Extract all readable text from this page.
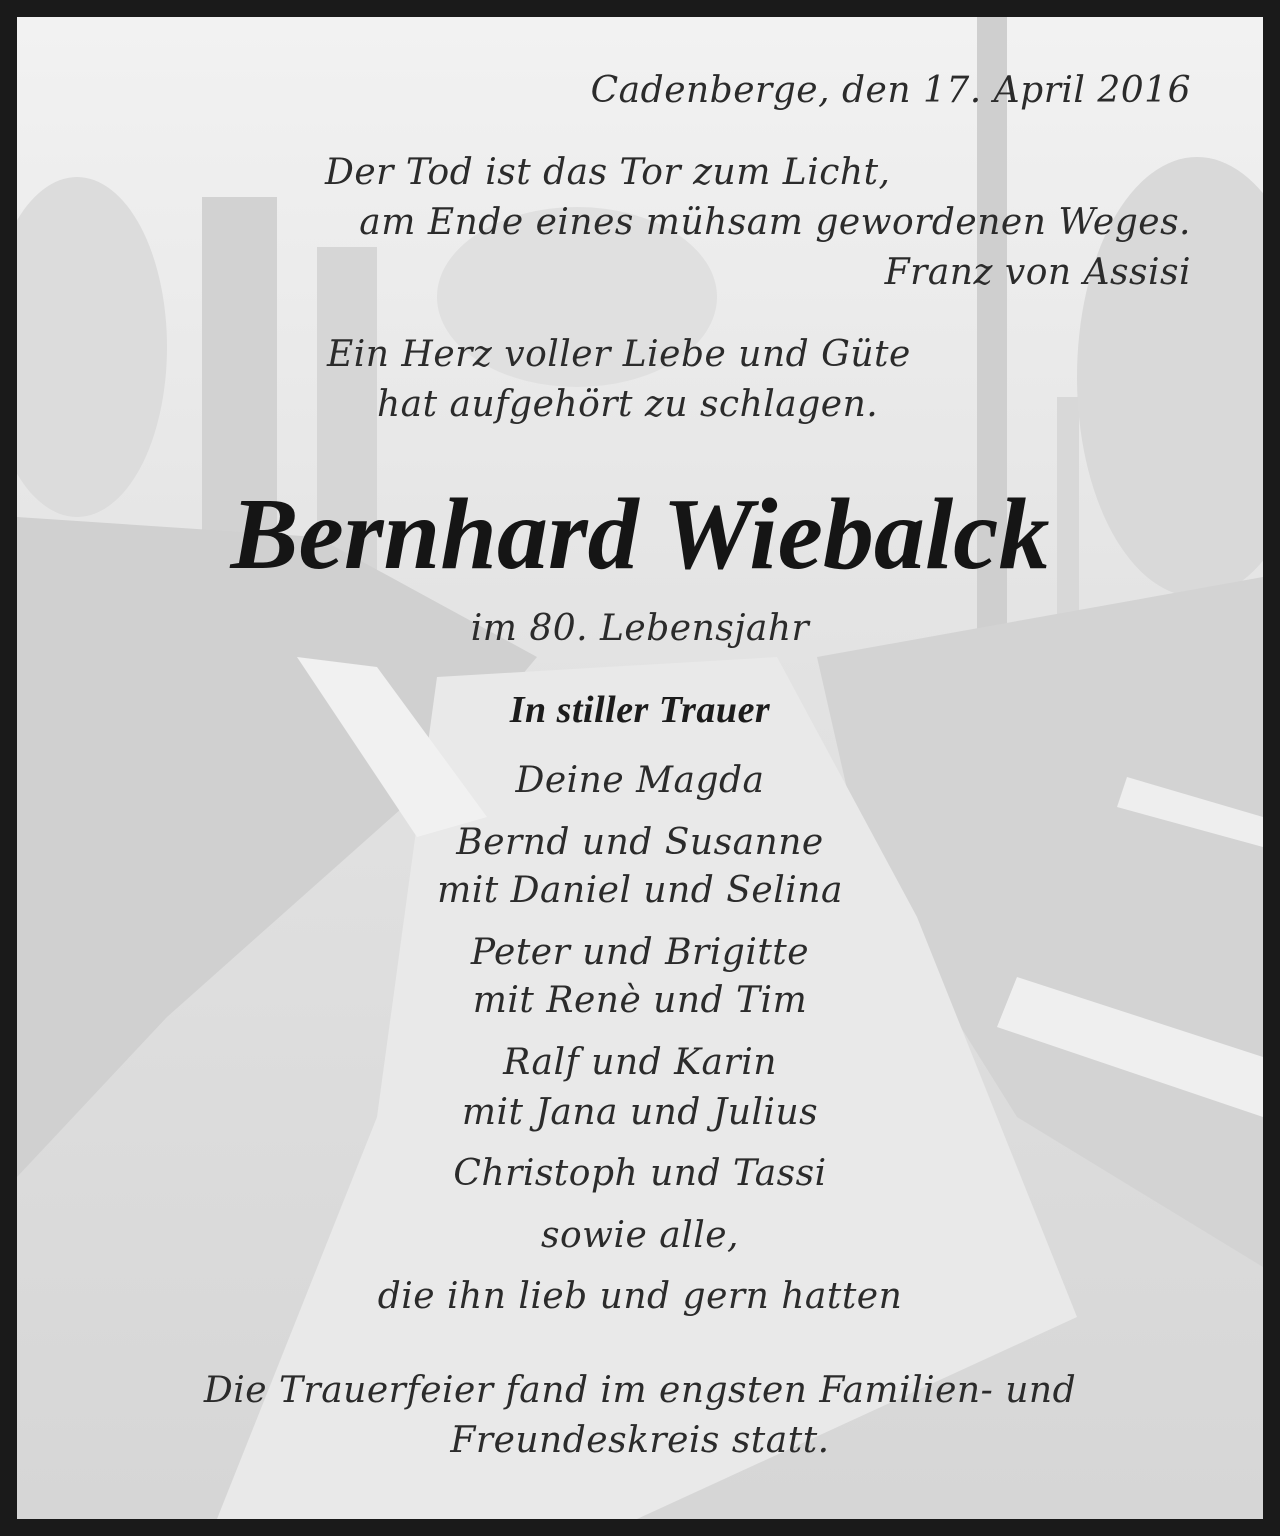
Cadenberge, den 17. April 2016
Der Tod ist das Tor zum Licht,
am Ende eines mühsam gewordenen Weges.
Franz von Assisi
Ein Herz voller Liebe und Güte
hat aufgehört zu schlagen.
Bernhard Wiebalck
im 80. Lebensjahr
In stiller Trauer
Deine Magda
Bernd und Susanne
mit Daniel und Selina
Peter und Brigitte
mit Renè und Tim
Ralf und Karin
mit Jana und Julius
Christoph und Tassi
sowie alle,
die ihn lieb und gern hatten
Die Trauerfeier fand im engsten Familien- und
Freundeskreis statt.
